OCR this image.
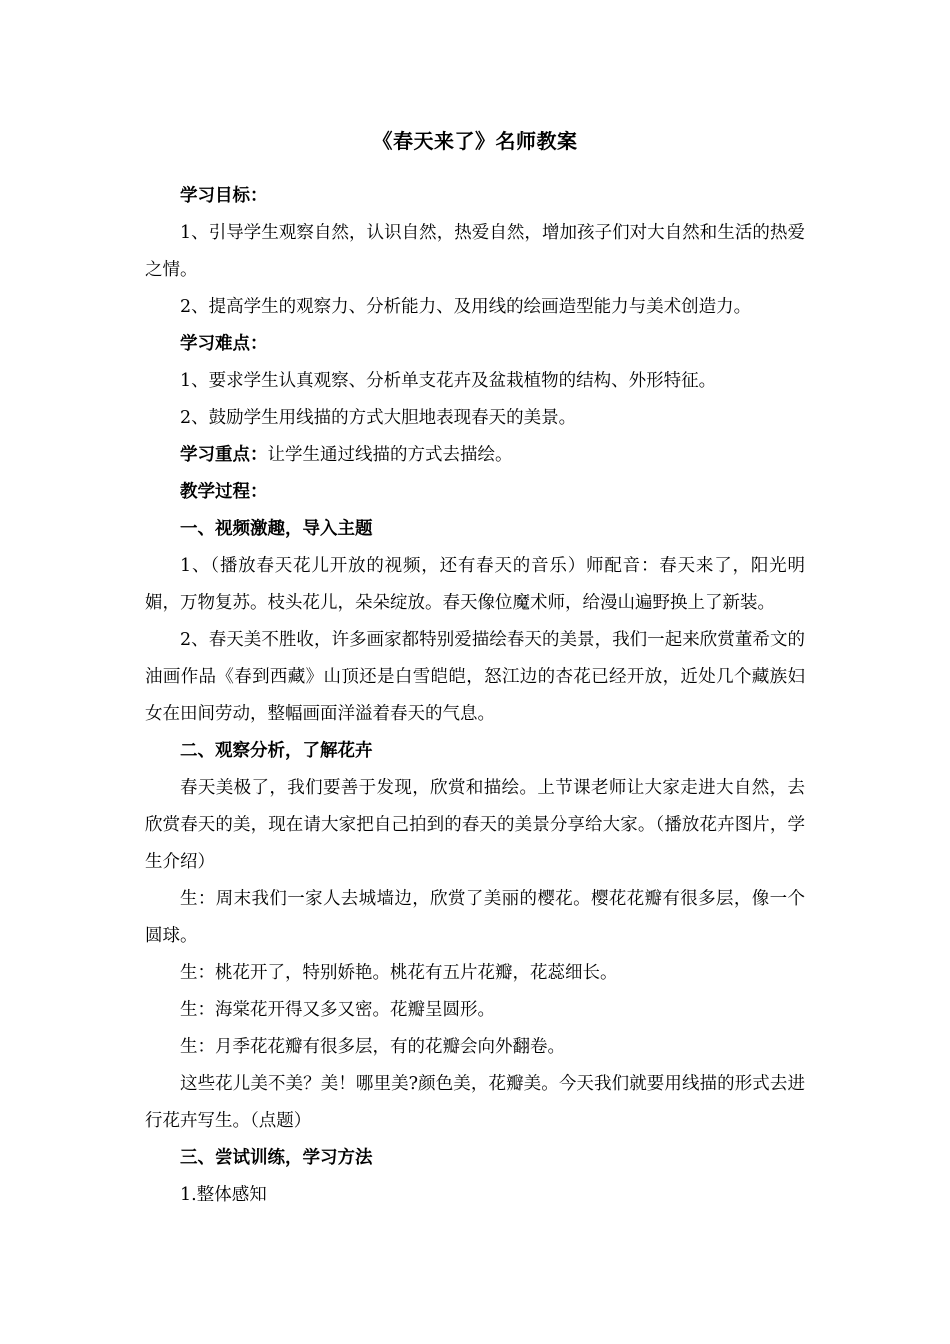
《春天来了》名师教案

学习目标：

1、引导学生观察自然，认识自然，热爱自然，增加孩子们对大自然和生活的热爱之情。

2、提高学生的观察力、分析能力、及用线的绘画造型能力与美术创造力。

学习难点：

1、要求学生认真观察、分析单支花卉及盆栽植物的结构、外形特征。

2、鼓励学生用线描的方式大胆地表现春天的美景。

学习重点：让学生通过线描的方式去描绘。

教学过程：

一、视频激趣，导入主题

1、（播放春天花儿开放的视频，还有春天的音乐）师配音：春天来了，阳光明媚，万物复苏。枝头花儿，朵朵绽放。春天像位魔术师，给漫山遍野换上了新装。

2、春天美不胜收，许多画家都特别爱描绘春天的美景，我们一起来欣赏董希文的油画作品《春到西藏》山顶还是白雪皑皑，怒江边的杏花已经开放，近处几个藏族妇女在田间劳动，整幅画面洋溢着春天的气息。

二、观察分析，了解花卉

春天美极了，我们要善于发现，欣赏和描绘。上节课老师让大家走进大自然，去欣赏春天的美，现在请大家把自己拍到的春天的美景分享给大家。（播放花卉图片，学生介绍）

生：周末我们一家人去城墙边，欣赏了美丽的樱花。樱花花瓣有很多层，像一个圆球。

生：桃花开了，特别娇艳。桃花有五片花瓣，花蕊细长。

生：海棠花开得又多又密。花瓣呈圆形。

生：月季花花瓣有很多层，有的花瓣会向外翻卷。

这些花儿美不美？美！哪里美?颜色美，花瓣美。今天我们就要用线描的形式去进行花卉写生。（点题）

三、尝试训练，学习方法

1.整体感知
